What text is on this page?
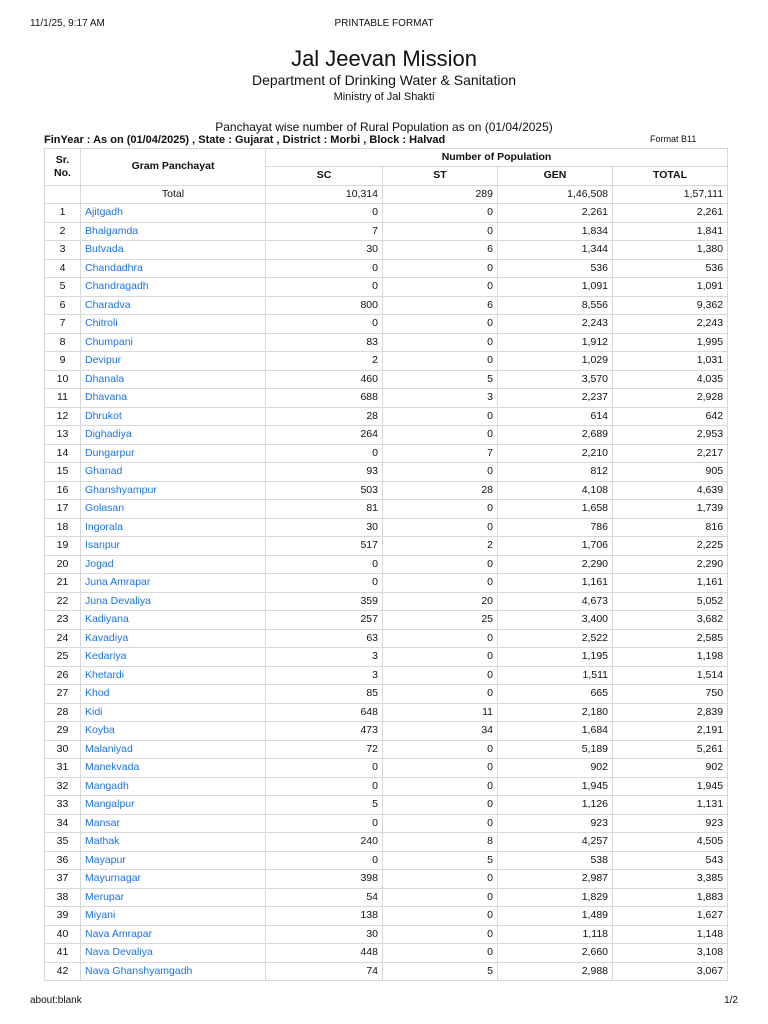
11/1/25, 9:17 AM	PRINTABLE FORMAT
Jal Jeevan Mission
Department of Drinking Water & Sanitation
Ministry of Jal Shakti
Panchayat wise number of Rural Population as on (01/04/2025)
FinYear : As on (01/04/2025) , State : Gujarat , District : Morbi , Block : Halvad	Format B11
Sr. No.	Gram Panchayat	Number of Population			
		SC	ST	GEN	TOTAL
	Total	10,314	289	1,46,508	1,57,111
1	Ajitgadh	0	0	2,261	2,261
2	Bhalgamda	7	0	1,834	1,841
3	Butvada	30	6	1,344	1,380
4	Chandadhra	0	0	536	536
5	Chandragadh	0	0	1,091	1,091
6	Charadva	800	6	8,556	9,362
7	Chitroli	0	0	2,243	2,243
8	Chumpani	83	0	1,912	1,995
9	Devipur	2	0	1,029	1,031
10	Dhanala	460	5	3,570	4,035
11	Dhavana	688	3	2,237	2,928
12	Dhrukot	28	0	614	642
13	Dighadiya	264	0	2,689	2,953
14	Dungarpur	0	7	2,210	2,217
15	Ghanad	93	0	812	905
16	Ghanshyampur	503	28	4,108	4,639
17	Golasan	81	0	1,658	1,739
18	Ingorala	30	0	786	816
19	Isanpur	517	2	1,706	2,225
20	Jogad	0	0	2,290	2,290
21	Juna Amrapar	0	0	1,161	1,161
22	Juna Devaliya	359	20	4,673	5,052
23	Kadiyana	257	25	3,400	3,682
24	Kavadiya	63	0	2,522	2,585
25	Kedariya	3	0	1,195	1,198
26	Khetardi	3	0	1,511	1,514
27	Khod	85	0	665	750
28	Kidi	648	11	2,180	2,839
29	Koyba	473	34	1,684	2,191
30	Malaniyad	72	0	5,189	5,261
31	Manekvada	0	0	902	902
32	Mangadh	0	0	1,945	1,945
33	Mangalpur	5	0	1,126	1,131
34	Mansar	0	0	923	923
35	Mathak	240	8	4,257	4,505
36	Mayapur	0	5	538	543
37	Mayurnagar	398	0	2,987	3,385
38	Merupar	54	0	1,829	1,883
39	Miyani	138	0	1,489	1,627
40	Nava Amrapar	30	0	1,118	1,148
41	Nava Devaliya	448	0	2,660	3,108
42	Nava Ghanshyamgadh	74	5	2,988	3,067
about:blank	1/2
